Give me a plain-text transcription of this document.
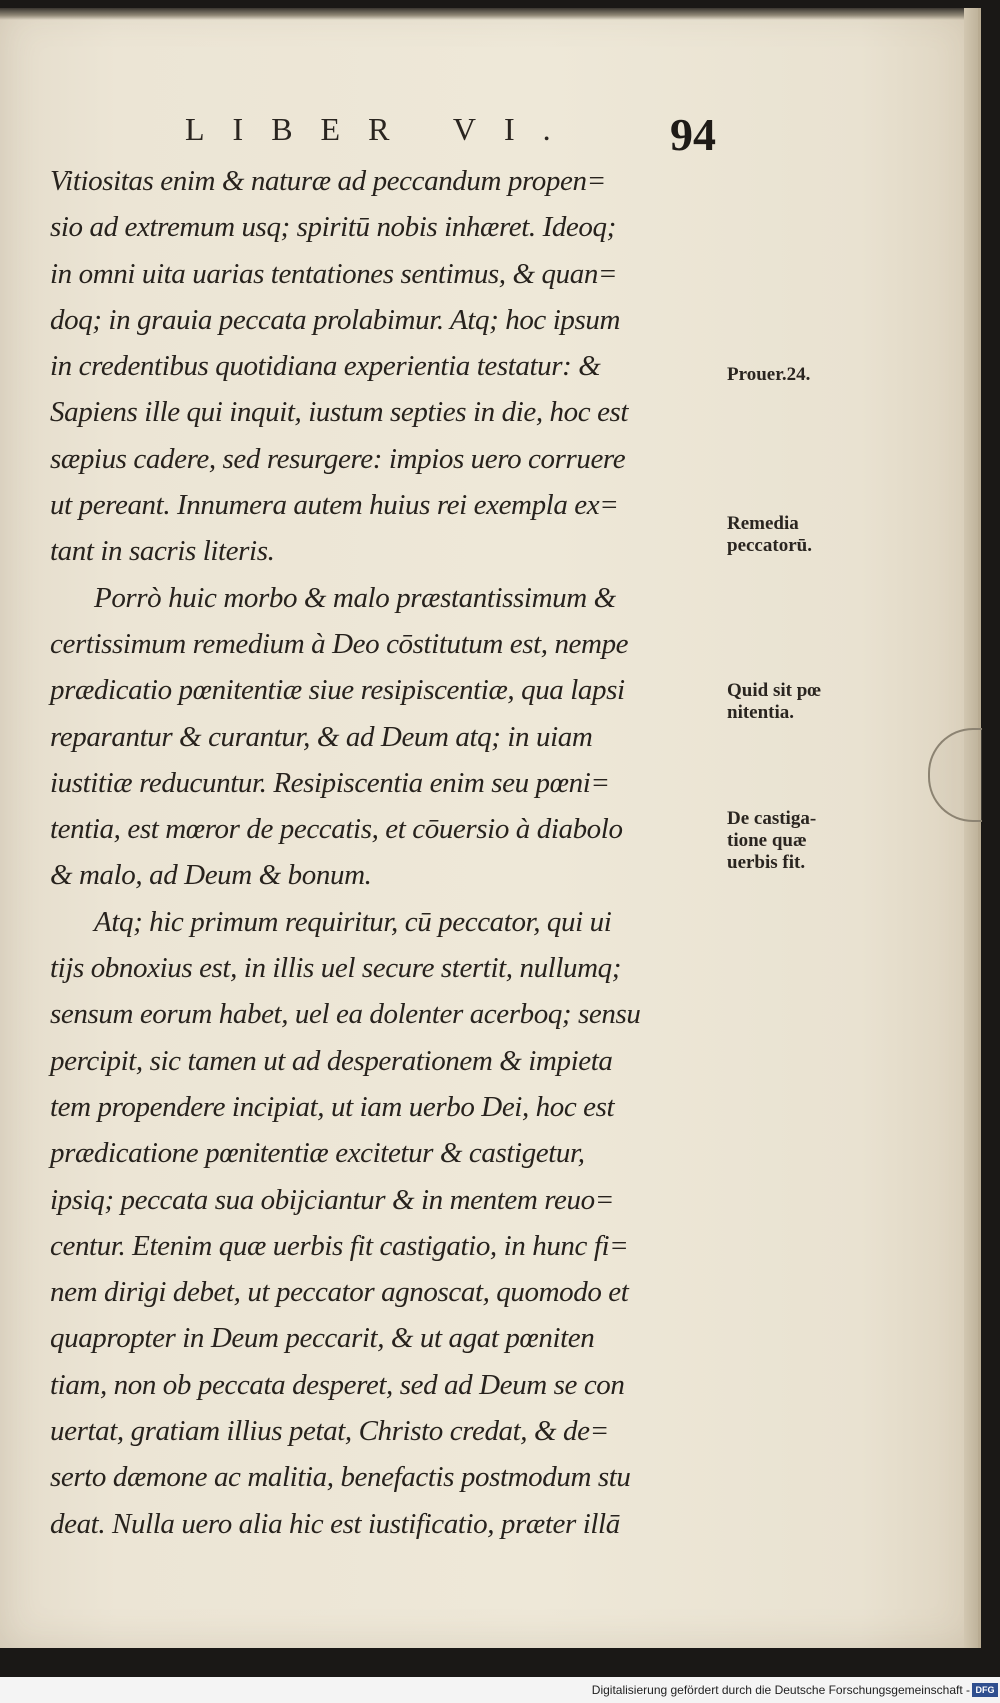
LIBER VI. 94
Vitiositas enim & naturæ ad peccandum propen=
sio ad extremum usq; spiritū nobis inhæret. Ideoq;
in omni uita uarias tentationes sentimus, & quan=
doq; in grauia peccata prolabimur. Atq; hoc ipsum
in credentibus quotidiana experientia testatur: &
Sapiens ille qui inquit, iustum septies in die, hoc est
sæpius cadere, sed resurgere: impios uero corruere
ut pereant. Innumera autem huius rei exempla ex=
tant in sacris literis.
Porrò huic morbo & malo præstantissimum &
certissimum remedium à Deo cōstitutum est, nempe
prædicatio pœnitentiæ siue resipiscentiæ, qua lapsi
reparantur & curantur, & ad Deum atq; in uiam
iustitiæ reducuntur. Resipiscentia enim seu pœni=
tentia, est mœror de peccatis, et cōuersio à diabolo
& malo, ad Deum & bonum.
Atq; hic primum requiritur, cū peccator, qui ui
tijs obnoxius est, in illis uel secure stertit, nullumq;
sensum eorum habet, uel ea dolenter acerboq; sensu
percipit, sic tamen ut ad desperationem & impieta
tem propendere incipiat, ut iam uerbo Dei, hoc est
prædicatione pœnitentiæ excitetur & castigetur,
ipsiq; peccata sua obijciantur & in mentem reuo=
centur. Etenim quæ uerbis fit castigatio, in hunc fi=
nem dirigi debet, ut peccator agnoscat, quomodo et
quapropter in Deum peccarit, & ut agat pœniten
tiam, non ob peccata desperet, sed ad Deum se con
uertat, gratiam illius petat, Christo credat, & de=
serto dæmone ac malitia, benefactis postmodum stu
deat. Nulla uero alia hic est iustificatio, præter illā
Prouer.24.
Remedia
peccatorū.
Quid sit pœ
nitentia.
De castiga-
tione quæ
uerbis fit.
Digitalisierung gefördert durch die Deutsche Forschungsgemeinschaft - DFG
